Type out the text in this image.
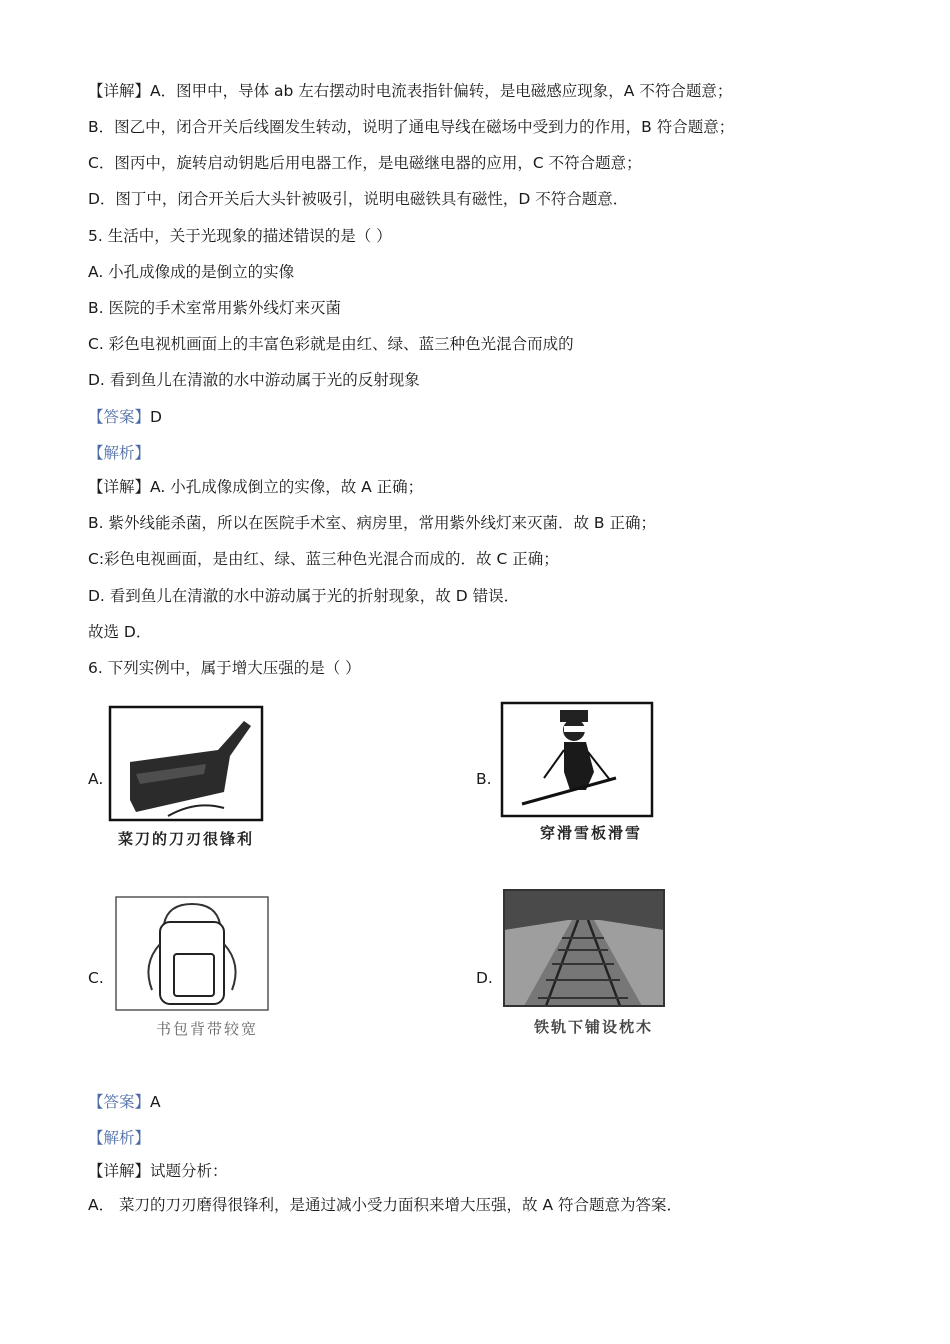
【详解】A．图甲中，导体 ab 左右摆动时电流表指针偏转，是电磁感应现象，A 不符合题意；
B．图乙中，闭合开关后线圈发生转动，说明了通电导线在磁场中受到力的作用，B 符合题意；
C．图丙中，旋转启动钥匙后用电器工作，是电磁继电器的应用，C 不符合题意；
D．图丁中，闭合开关后大头针被吸引，说明电磁铁具有磁性，D 不符合题意．
5. 生活中，关于光现象的描述错误的是（ ）
A. 小孔成像成的是倒立的实像
B. 医院的手术室常用紫外线灯来灭菌
C. 彩色电视机画面上的丰富色彩就是由红、绿、蓝三种色光混合而成的
D. 看到鱼儿在清澈的水中游动属于光的反射现象
【答案】D
【解析】
【详解】A. 小孔成像成倒立的实像，故 A 正确；
B. 紫外线能杀菌，所以在医院手术室、病房里，常用紫外线灯来灭菌．故 B 正确；
C:彩色电视画面，是由红、绿、蓝三种色光混合而成的．故 C 正确；
D. 看到鱼儿在清澈的水中游动属于光的折射现象，故 D 错误．
故选 D．
6. 下列实例中，属于增大压强的是（ ）
A.
菜刀的刀刃很锋利
B.
穿滑雪板滑雪
C.
书包背带较宽
D.
铁轨下铺设枕木
【答案】A
【解析】
【详解】试题分析：
A． 菜刀的刀刃磨得很锋利，是通过减小受力面积来增大压强，故 A 符合题意为答案．
